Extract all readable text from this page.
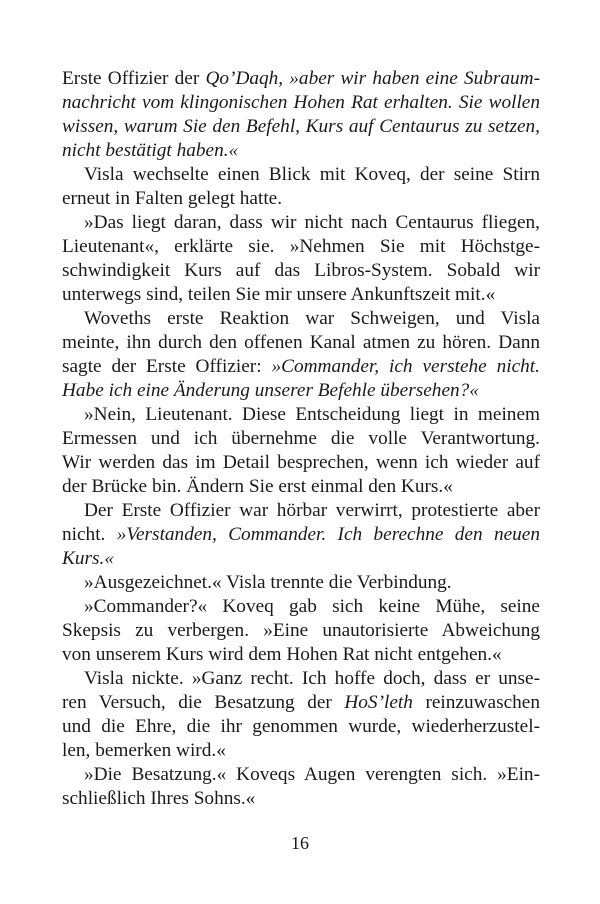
Erste Offizier der Qo’Daqh, »aber wir haben eine Subraum-
nachricht vom klingonischen Hohen Rat erhalten. Sie wollen
wissen, warum Sie den Befehl, Kurs auf Centaurus zu setzen,
nicht bestätigt haben.«
Visla wechselte einen Blick mit Koveq, der seine Stirn
erneut in Falten gelegt hatte.
»Das liegt daran, dass wir nicht nach Centaurus fliegen,
Lieutenant«, erklärte sie. »Nehmen Sie mit Höchstge-
schwindigkeit Kurs auf das Libros-System. Sobald wir
unterwegs sind, teilen Sie mir unsere Ankunftszeit mit.«
Woveths erste Reaktion war Schweigen, und Visla
meinte, ihn durch den offenen Kanal atmen zu hören. Dann
sagte der Erste Offizier: »Commander, ich verstehe nicht.
Habe ich eine Änderung unserer Befehle übersehen?«
»Nein, Lieutenant. Diese Entscheidung liegt in meinem
Ermessen und ich übernehme die volle Verantwortung.
Wir werden das im Detail besprechen, wenn ich wieder auf
der Brücke bin. Ändern Sie erst einmal den Kurs.«
Der Erste Offizier war hörbar verwirrt, protestierte aber
nicht. »Verstanden, Commander. Ich berechne den neuen
Kurs.«
»Ausgezeichnet.« Visla trennte die Verbindung.
»Commander?« Koveq gab sich keine Mühe, seine
Skepsis zu verbergen. »Eine unautorisierte Abweichung
von unserem Kurs wird dem Hohen Rat nicht entgehen.«
Visla nickte. »Ganz recht. Ich hoffe doch, dass er unse-
ren Versuch, die Besatzung der HoS’leth reinzuwaschen
und die Ehre, die ihr genommen wurde, wiederherzustel-
len, bemerken wird.«
»Die Besatzung.« Koveqs Augen verengten sich. »Ein-
schließlich Ihres Sohns.«
16
